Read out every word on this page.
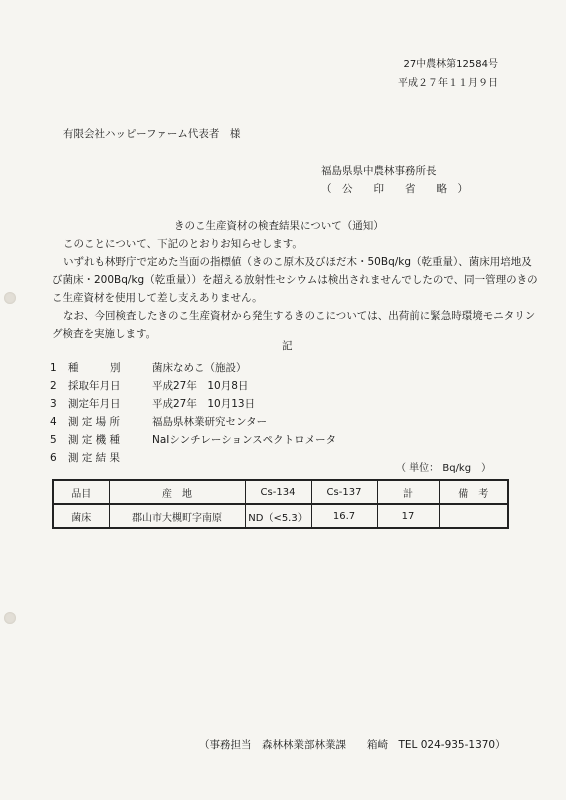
27中農林第12584号
平成２７年１１月９日
有限会社ハッピーファーム代表者　様
福島県県中農林事務所長
（　公　　印　　省　　略　）
きのこ生産資材の検査結果について（通知）
このことについて、下記のとおりお知らせします。
いずれも林野庁で定めた当面の指標値（きのこ原木及びほだ木・50Bq/kg（乾重量）、菌床用培地及
び菌床・200Bq/kg（乾重量））を超える放射性セシウムは検出されませんでしたので、同一管理のきの
こ生産資材を使用して差し支えありません。
なお、今回検査したきのこ生産資材から発生するきのこについては、出荷前に緊急時環境モニタリン
グ検査を実施します。
記
1 種　　　別	菌床なめこ（施設）
2 採取年月日	平成27年　10月8日
3 測定年月日	平成27年　10月13日
4 測 定 場 所	福島県林業研究センター
5 測 定 機 種	NaIシンチレーションスペクトロメータ
6 測 定 結 果
（ 単位： Bq/kg　）
品目	産　地	Cs-134	Cs-137	計	備　考
菌床	郡山市大槻町字南原	ND（<5.3）	16.7	17	
（事務担当　森林林業部林業課　　箱崎　TEL 024-935-1370）
